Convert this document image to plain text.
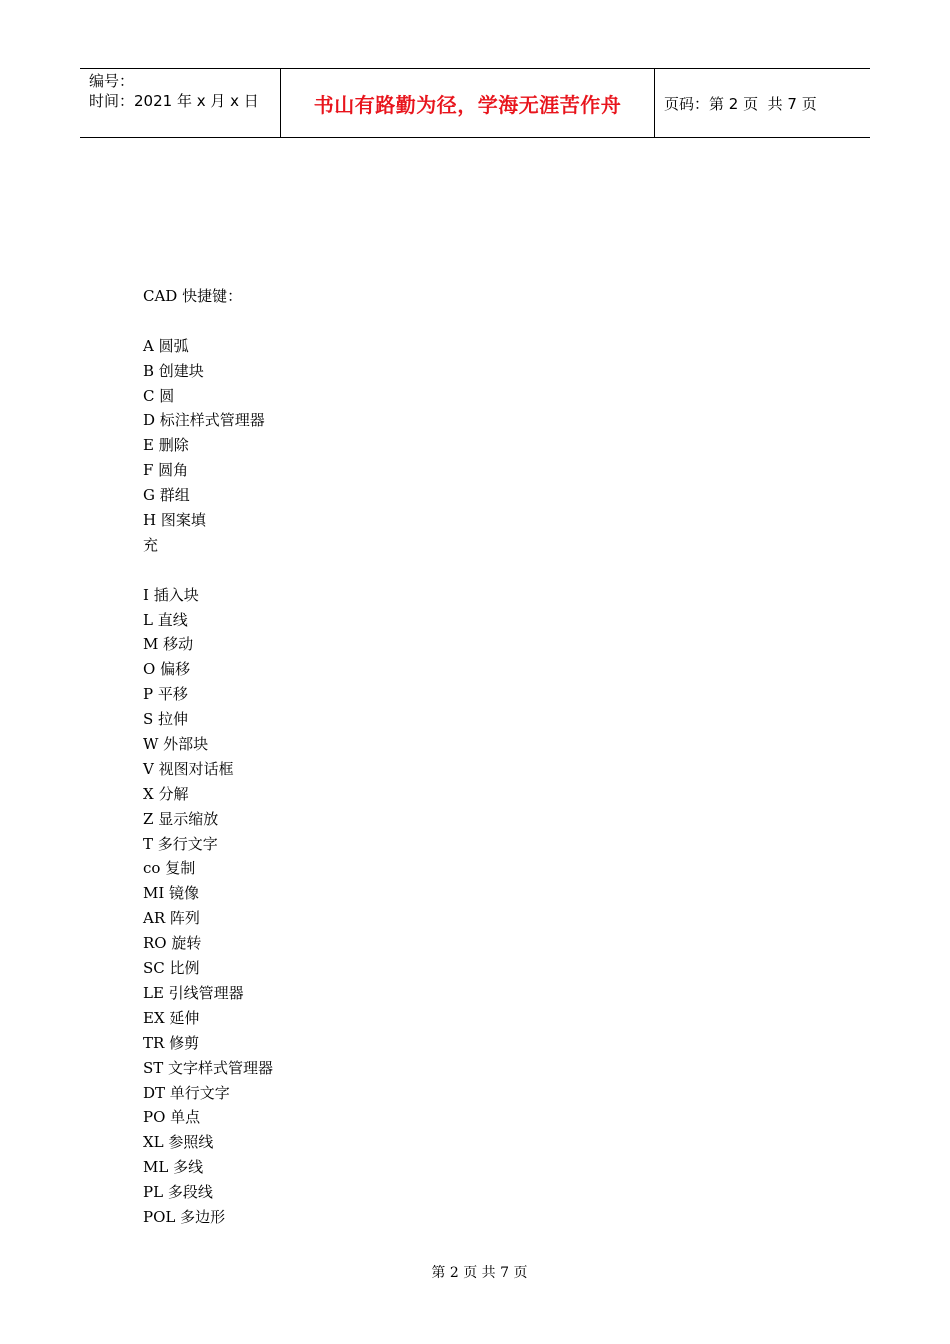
编号：
时间：2021 年 x 月 x 日	书山有路勤为径，学海无涯苦作舟	页码：第 2 页  共 7 页
CAD 快捷键：
A 圆弧
B 创建块
C 圆
D 标注样式管理器
E 删除
F 圆角
G 群组
H 图案填
充
I 插入块
L 直线
M 移动
O 偏移
P 平移
S 拉伸
W 外部块
V 视图对话框
X 分解
Z 显示缩放
T 多行文字
co 复制
MI 镜像
AR 阵列
RO 旋转
SC 比例
LE 引线管理器
EX 延伸
TR 修剪
ST 文字样式管理器
DT 单行文字
PO 单点
XL 参照线
ML 多线
PL 多段线
POL 多边形

第 2 页 共 7 页
